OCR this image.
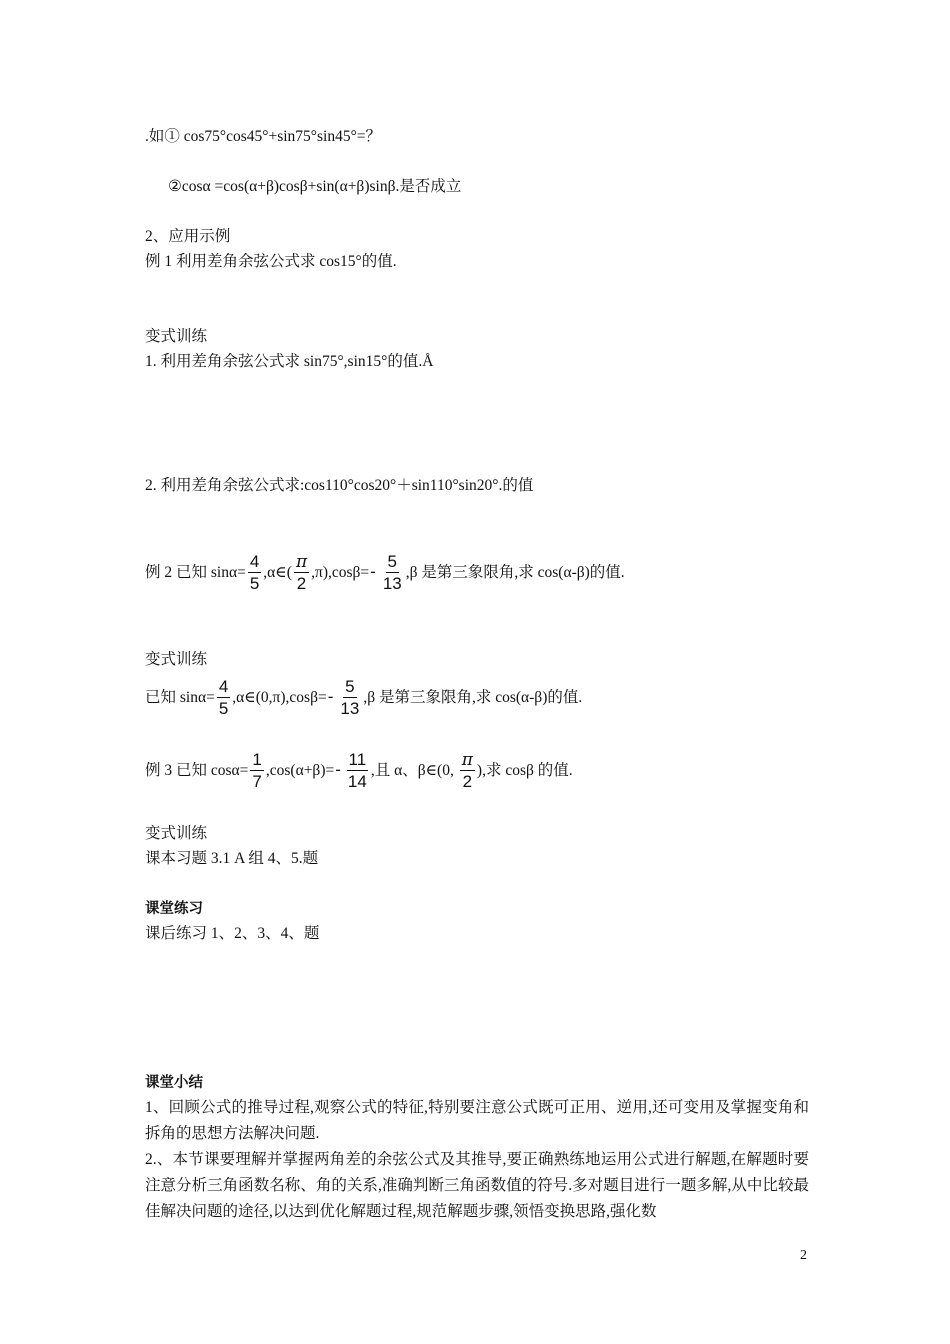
.如① cos75°cos45°+sin75°sin45°=？
②cosα =cos(α+β)cosβ+sin(α+β)sinβ.是否成立
2、应用示例
例 1 利用差角余弦公式求 cos15°的值.
变式训练
1. 利用差角余弦公式求 sin75°,sin15°的值.Å
2. 利用差角余弦公式求:cos110°cos20°＋sin110°sin20°.的值
例 2 已知 $\sin\alpha= \frac{4}{5}$ ,α∈( $\frac{\pi}{2} ,\pi),\cos\beta=- \frac{5}{13} ,\beta$ 是第三象限角,求 cos(α-β)的值.
变式训练
已知 $\sin\alpha= \frac{4}{5}$ ,α∈(0,π),cosβ=- $\frac{5}{13} ,\beta$ 是第三象限角,求 cos(α-β)的值.
例 3 已知 $\cos\alpha= \frac{1}{7} ,\cos(\alpha+\beta)=- \frac{11}{14}$ ,且 α、β∈(0, $\frac{\pi}{2}$ ),求 cosβ 的值.
变式训练
课本习题 3.1 A 组 4、5.题
课堂练习
课后练习 1、2、3、4、题
课堂小结
1、回顾公式的推导过程,观察公式的特征,特别要注意公式既可正用、逆用,还可变用及掌握变角和拆角的思想方法解决问题.
2.、本节课要理解并掌握两角差的余弦公式及其推导,要正确熟练地运用公式进行解题,在解题时要注意分析三角函数名称、角的关系,准确判断三角函数值的符号.多对题目进行一题多解,从中比较最佳解决问题的途径,以达到优化解题过程,规范解题步骤,领悟变换思路,强化数
2
